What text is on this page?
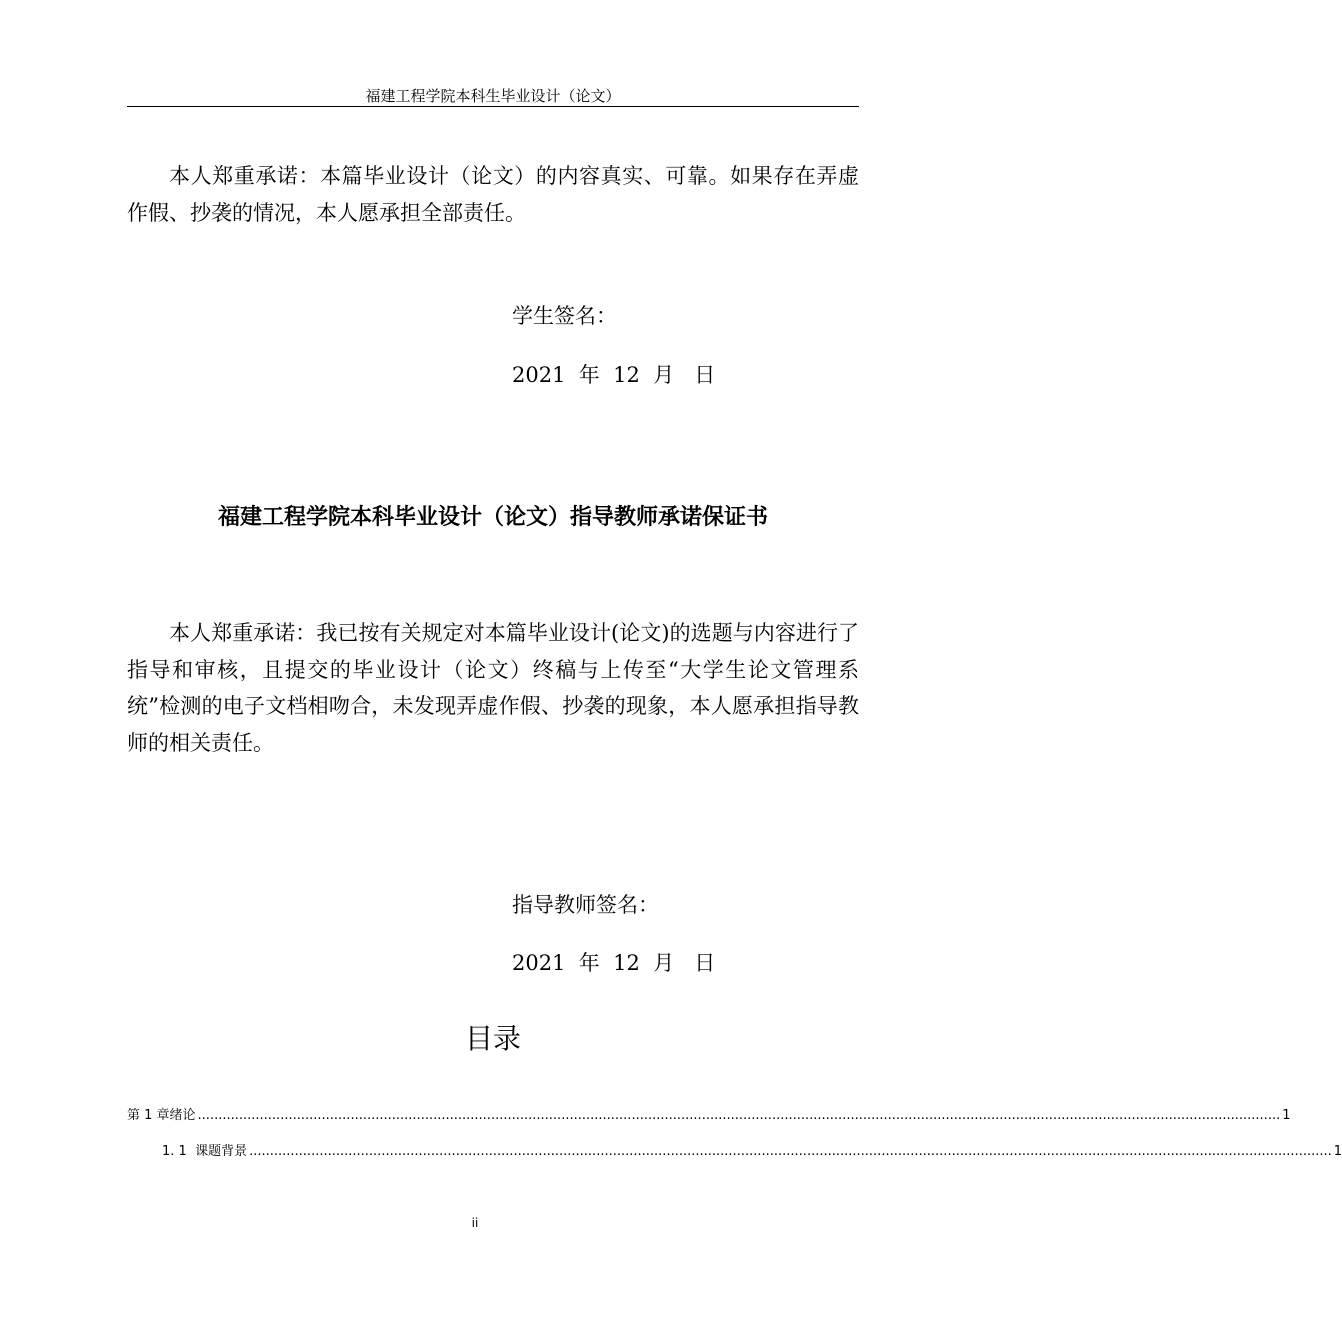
福建工程学院本科生毕业设计（论文）

本人郑重承诺：本篇毕业设计（论文）的内容真实、可靠。如果存在弄虚作假、抄袭的情况，本人愿承担全部责任。

学生签名：
2021  年  12  月   日
福建工程学院本科毕业设计（论文）指导教师承诺保证书

本人郑重承诺：我已按有关规定对本篇毕业设计(论文)的选题与内容进行了指导和审核，且提交的毕业设计（论文）终稿与上传至“大学生论文管理系统”检测的电子文档相吻合，未发现弄虚作假、抄袭的现象，本人愿承担指导教师的相关责任。

指导教师签名：
2021  年  12  月   日
目录
第 1 章绪论 ...................................................................................................................................................................................................................................................................... 1
1. 1  课题背景 ...................................................................................................................................................................................................................................................................... 1
ii
